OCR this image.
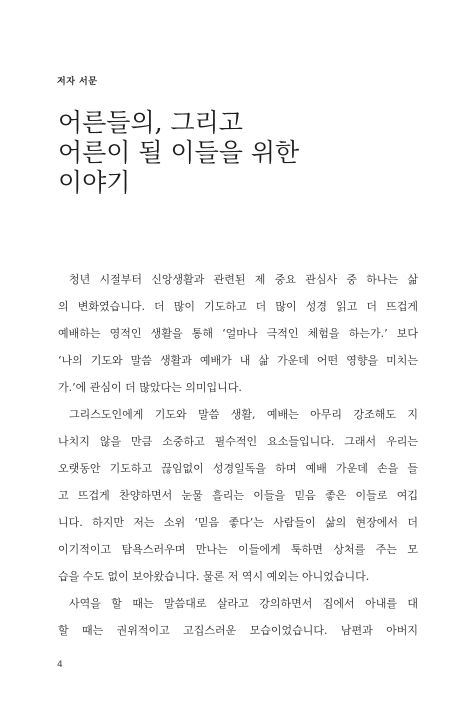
저자 서문
어른들의, 그리고
어른이 될 이들을 위한
이야기
청년 시절부터 신앙생활과 관련된 제 중요 관심사 중 하나는 삶
의 변화였습니다. 더 많이 기도하고 더 많이 성경 읽고 더 뜨겁게
예배하는 영적인 생활을 통해 ‘얼마나 극적인 체험을 하는가.’ 보다
‘나의 기도와 말씀 생활과 예배가 내 삶 가운데 어떤 영향을 미치는
가.’에 관심이 더 많았다는 의미입니다.
그리스도인에게 기도와 말씀 생활, 예배는 아무리 강조해도 지
나치지 않을 만큼 소중하고 필수적인 요소들입니다. 그래서 우리는
오랫동안 기도하고 끊임없이 성경일독을 하며 예배 가운데 손을 들
고 뜨겁게 찬양하면서 눈물 흘리는 이들을 믿음 좋은 이들로 여깁
니다. 하지만 저는 소위 ‘믿음 좋다’는 사람들이 삶의 현장에서 더
이기적이고 탐욕스러우며 만나는 이들에게 툭하면 상처를 주는 모
습을 수도 없이 보아왔습니다. 물론 저 역시 예외는 아니었습니다.
사역을 할 때는 말씀대로 살라고 강의하면서 집에서 아내를 대
할 때는 권위적이고 고집스러운 모습이었습니다. 남편과 아버지
4
